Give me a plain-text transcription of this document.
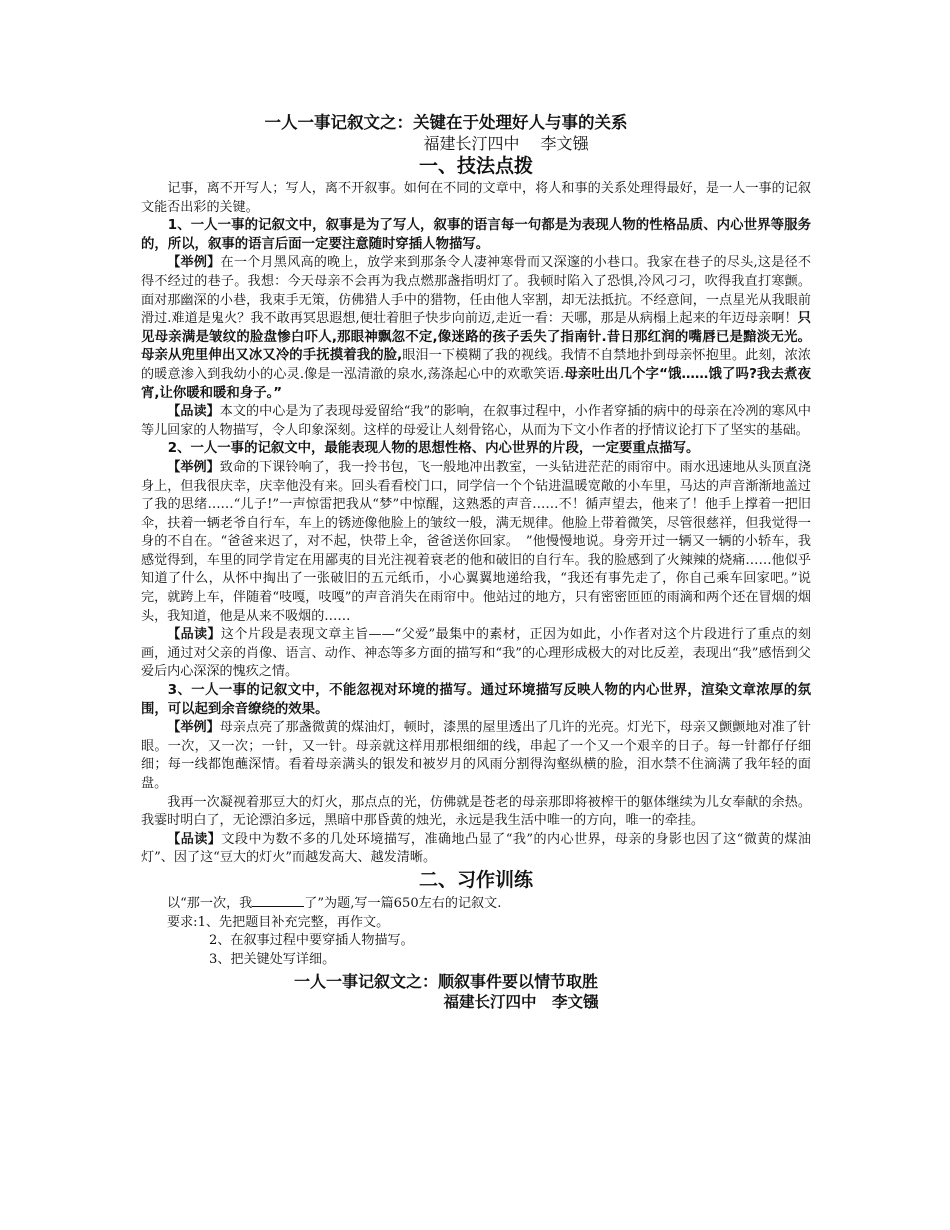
一人一事记叙文之：关键在于处理好人与事的关系

福建长汀四中　 李文镪

一、技法点拨

记事，离不开写人；写人，离不开叙事。如何在不同的文章中，将人和事的关系处理得最好，是一人一事的记叙文能否出彩的关键。

1、一人一事的记叙文中，叙事是为了写人，叙事的语言每一句都是为表现人物的性格品质、内心世界等服务的，所以，叙事的语言后面一定要注意随时穿插人物描写。

【举例】在一个月黑风高的晚上，放学来到那条令人凄神寒骨而又深邃的小巷口。我家在巷子的尽头,这是径不得不经过的巷子。我想：今天母亲不会再为我点燃那盏指明灯了。我顿时陷入了恐惧,冷风刁刁，吹得我直打寒颤。面对那幽深的小巷，我束手无策，仿佛猎人手中的猎物，任由他人宰割，却无法抵抗。不经意间，一点星光从我眼前滑过.难道是鬼火？我不敢再冥思遐想,便壮着胆子快步向前迈,走近一看：天哪，那是从病榻上起来的年迈母亲啊！只见母亲满是皱纹的脸盘惨白吓人,那眼神飘忽不定,像迷路的孩子丢失了指南针.昔日那红润的嘴唇已是黯淡无光。母亲从兜里伸出又冰又冷的手抚摸着我的脸,眼泪一下模糊了我的视线。我情不自禁地扑到母亲怀抱里。此刻，浓浓的暖意渗入到我幼小的心灵.像是一泓清澈的泉水,荡涤起心中的欢歌笑语.母亲吐出几个字“饿……饿了吗?我去煮夜宵,让你暖和暖和身子。”

【品读】本文的中心是为了表现母爱留给“我”的影响，在叙事过程中，小作者穿插的病中的母亲在冷冽的寒风中等儿回家的人物描写，令人印象深刻。这样的母爱让人刻骨铭心，从而为下文小作者的抒情议论打下了坚实的基础。

2、一人一事的记叙文中，最能表现人物的思想性格、内心世界的片段，一定要重点描写。

【举例】致命的下课铃响了，我一拎书包，飞一般地冲出教室，一头钻进茫茫的雨帘中。雨水迅速地从头顶直浇身上，但我很庆幸，庆幸他没有来。回头看看校门口，同学信一个个钻进温暖宽敞的小车里，马达的声音渐渐地盖过了我的思绪……“儿子!”一声惊雷把我从“梦”中惊醒，这熟悉的声音……不！循声望去，他来了！他手上撑着一把旧伞，扶着一辆老爷自行车，车上的锈迹像他脸上的皱纹一般，满无规律。他脸上带着微笑，尽管很慈祥，但我觉得一身的不自在。“爸爸来迟了，对不起，快带上伞，爸爸送你回家。　”他慢慢地说。身旁开过一辆又一辆的小轿车，我感觉得到，车里的同学肯定在用鄙夷的目光注视着衰老的他和破旧的自行车。我的脸感到了火辣辣的烧痛……他似乎知道了什么，从怀中掏出了一张破旧的五元纸币，小心翼翼地递给我，“我还有事先走了，你自己乘车回家吧。”说完，就跨上车，伴随着“吱嘎，吱嘎”的声音消失在雨帘中。他站过的地方，只有密密匝匝的雨滴和两个还在冒烟的烟头，我知道，他是从来不吸烟的……

【品读】这个片段是表现文章主旨——“父爱”最集中的素材，正因为如此，小作者对这个片段进行了重点的刻画，通过对父亲的肖像、语言、动作、神态等多方面的描写和“我”的心理形成极大的对比反差，表现出“我”感悟到父爱后内心深深的愧疚之情。

3、一人一事的记叙文中，不能忽视对环境的描写。通过环境描写反映人物的内心世界，渲染文章浓厚的氛围，可以起到余音缭绕的效果。

【举例】母亲点亮了那盏微黄的煤油灯，顿时，漆黑的屋里透出了几许的光亮。灯光下，母亲又颤颤地对准了针眼。一次，又一次；一针，又一针。母亲就这样用那根细细的线，串起了一个又一个艰辛的日子。每一针都仔仔细细；每一线都饱蘸深情。看着母亲满头的银发和被岁月的风雨分割得沟壑纵横的脸，泪水禁不住滴满了我年轻的面盘。

我再一次凝视着那豆大的灯火，那点点的光，仿佛就是苍老的母亲那即将被榨干的躯体继续为儿女奉献的余热。我霎时明白了，无论漂泊多远，黑暗中那昏黄的烛光，永远是我生活中唯一的方向，唯一的牵挂。

【品读】文段中为数不多的几处环境描写，准确地凸显了“我”的内心世界，母亲的身影也因了这“微黄的煤油灯”、因了这“豆大的灯火”而越发高大、越发清晰。

二、习作训练

以“那一次，我	了”为题,写一篇650左右的记叙文.

要求:1、先把题目补充完整，再作文。

2、在叙事过程中要穿插人物描写。

3、把关键处写详细。

一人一事记叙文之：顺叙事件要以情节取胜

福建长汀四中　李文镪
